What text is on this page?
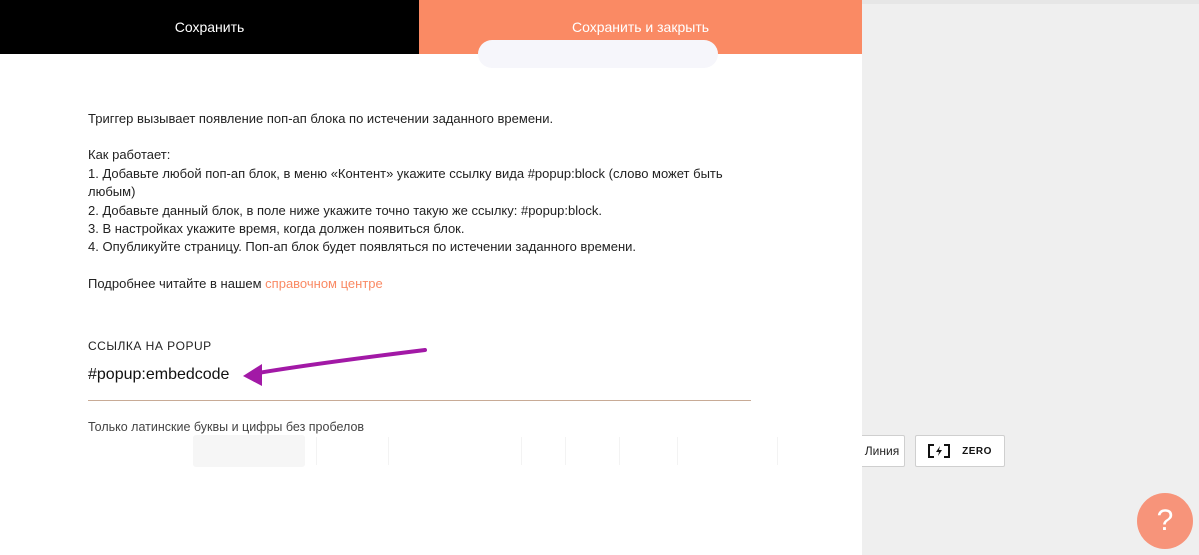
Линия	ZERO
?
Сохранить	Сохранить и закрыть

Триггер вызывает появление поп-ап блока по истечении заданного времени.

Как работает:

1. Добавьте любой поп-ап блок, в меню «Контент» укажите ссылку вида #popup:block (слово может быть любым)

2. Добавьте данный блок, в поле ниже укажите точно такую же ссылку: #popup:block.

3. В настройках укажите время, когда должен появиться блок.

4. Опубликуйте страницу. Поп-ап блок будет появляться по истечении заданного времени.

Подробнее читайте в нашем справочном центре

ССЫЛКА НА POPUP
#popup:embedcode
Только латинские буквы и цифры без пробелов
